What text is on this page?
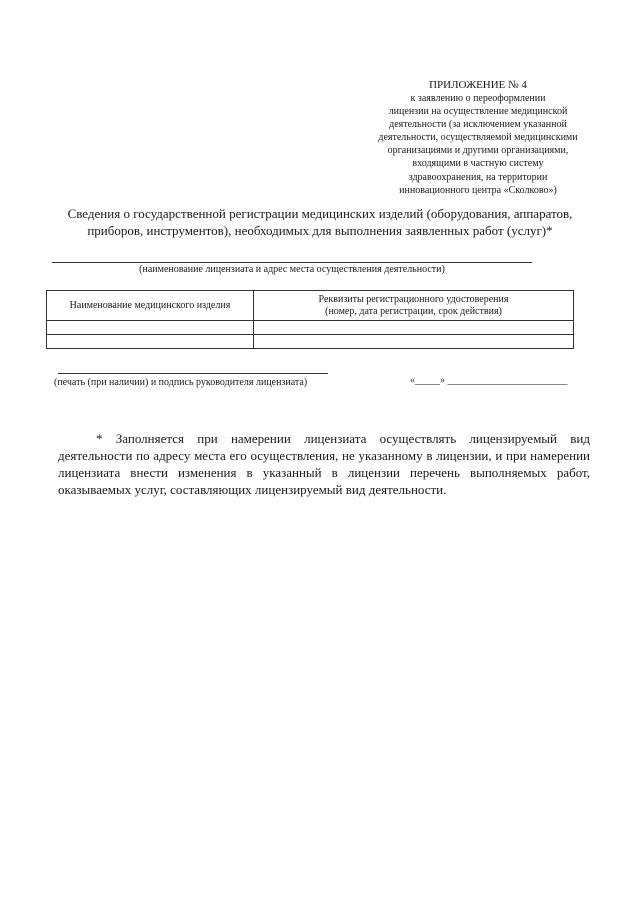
ПРИЛОЖЕНИЕ № 4
к заявлению о переоформлении
лицензии на осуществление медицинской
деятельности (за исключением указанной
деятельности, осуществляемой медицинскими
организациями и другими организациями,
входящими в частную систему
здравоохранения, на территории
инновационного центра «Сколково»)
Сведения о государственной регистрации медицинских изделий (оборудования, аппаратов,
приборов, инструментов), необходимых для выполнения заявленных работ (услуг)*
(наименование лицензиата и адрес места осуществления деятельности)
Наименование медицинского изделия	Реквизиты регистрационного удостоверения
(номер, дата регистрации, срок действия)

(печать (при наличии) и подпись руководителя лицензиата)	«_____» ________________________

* Заполняется при намерении лицензиата осуществлять лицензируемый вид деятельности по адресу места его осуществления, не указанному в лицензии, и при намерении лицензиата внести изменения в указанный в лицензии перечень выполняемых работ, оказываемых услуг, составляющих лицензируемый вид деятельности.
